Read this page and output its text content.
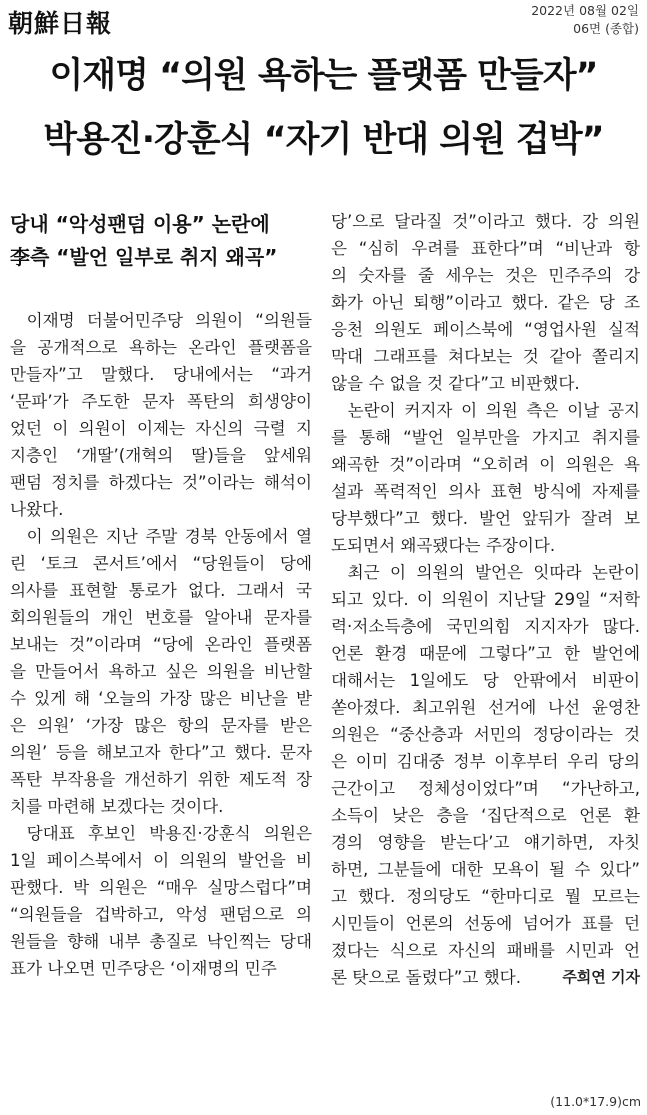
朝鮮日報	2022년 08월 02일
06면 (종합)
이재명 “의원 욕하는 플랫폼 만들자”
박용진·강훈식 “자기 반대 의원 겁박”
당내 “악성팬덤 이용” 논란에
李측 “발언 일부로 취지 왜곡”
이재명 더불어민주당 의원이 “의원들
을 공개적으로 욕하는 온라인 플랫폼을
만들자”고 말했다. 당내에서는 “과거
‘문파’가 주도한 문자 폭탄의 희생양이
었던 이 의원이 이제는 자신의 극렬 지
지층인 ‘개딸’(개혁의 딸)들을 앞세워
팬덤 정치를 하겠다는 것”이라는 해석이
나왔다.
이 의원은 지난 주말 경북 안동에서 열
린 ‘토크 콘서트’에서 “당원들이 당에
의사를 표현할 통로가 없다. 그래서 국
회의원들의 개인 번호를 알아내 문자를
보내는 것”이라며 “당에 온라인 플랫폼
을 만들어서 욕하고 싶은 의원을 비난할
수 있게 해 ‘오늘의 가장 많은 비난을 받
은 의원’ ‘가장 많은 항의 문자를 받은
의원’ 등을 해보고자 한다”고 했다. 문자
폭탄 부작용을 개선하기 위한 제도적 장
치를 마련해 보겠다는 것이다.
당대표 후보인 박용진·강훈식 의원은
1일 페이스북에서 이 의원의 발언을 비
판했다. 박 의원은 “매우 실망스럽다”며
“의원들을 겁박하고, 악성 팬덤으로 의
원들을 향해 내부 총질로 낙인찍는 당대
표가 나오면 민주당은 ‘이재명의 민주
당’으로 달라질 것”이라고 했다. 강 의원
은 “심히 우려를 표한다”며 “비난과 항
의 숫자를 줄 세우는 것은 민주주의 강
화가 아닌 퇴행”이라고 했다. 같은 당 조
응천 의원도 페이스북에 “영업사원 실적
막대 그래프를 쳐다보는 것 같아 쫄리지
않을 수 없을 것 같다”고 비판했다.
논란이 커지자 이 의원 측은 이날 공지
를 통해 “발언 일부만을 가지고 취지를
왜곡한 것”이라며 “오히려 이 의원은 욕
설과 폭력적인 의사 표현 방식에 자제를
당부했다”고 했다. 발언 앞뒤가 잘려 보
도되면서 왜곡됐다는 주장이다.
최근 이 의원의 발언은 잇따라 논란이
되고 있다. 이 의원이 지난달 29일 “저학
력·저소득층에 국민의힘 지지자가 많다.
언론 환경 때문에 그렇다”고 한 발언에
대해서는 1일에도 당 안팎에서 비판이
쏟아졌다. 최고위원 선거에 나선 윤영찬
의원은 “중산층과 서민의 정당이라는 것
은 이미 김대중 정부 이후부터 우리 당의
근간이고 정체성이었다”며 “가난하고,
소득이 낮은 층을 ‘집단적으로 언론 환
경의 영향을 받는다’고 얘기하면, 자칫
하면, 그분들에 대한 모욕이 될 수 있다”
고 했다. 정의당도 “한마디로 뭘 모르는
시민들이 언론의 선동에 넘어가 표를 던
졌다는 식으로 자신의 패배를 시민과 언
론 탓으로 돌렸다”고 했다.	주희연 기자
(11.0*17.9)cm
